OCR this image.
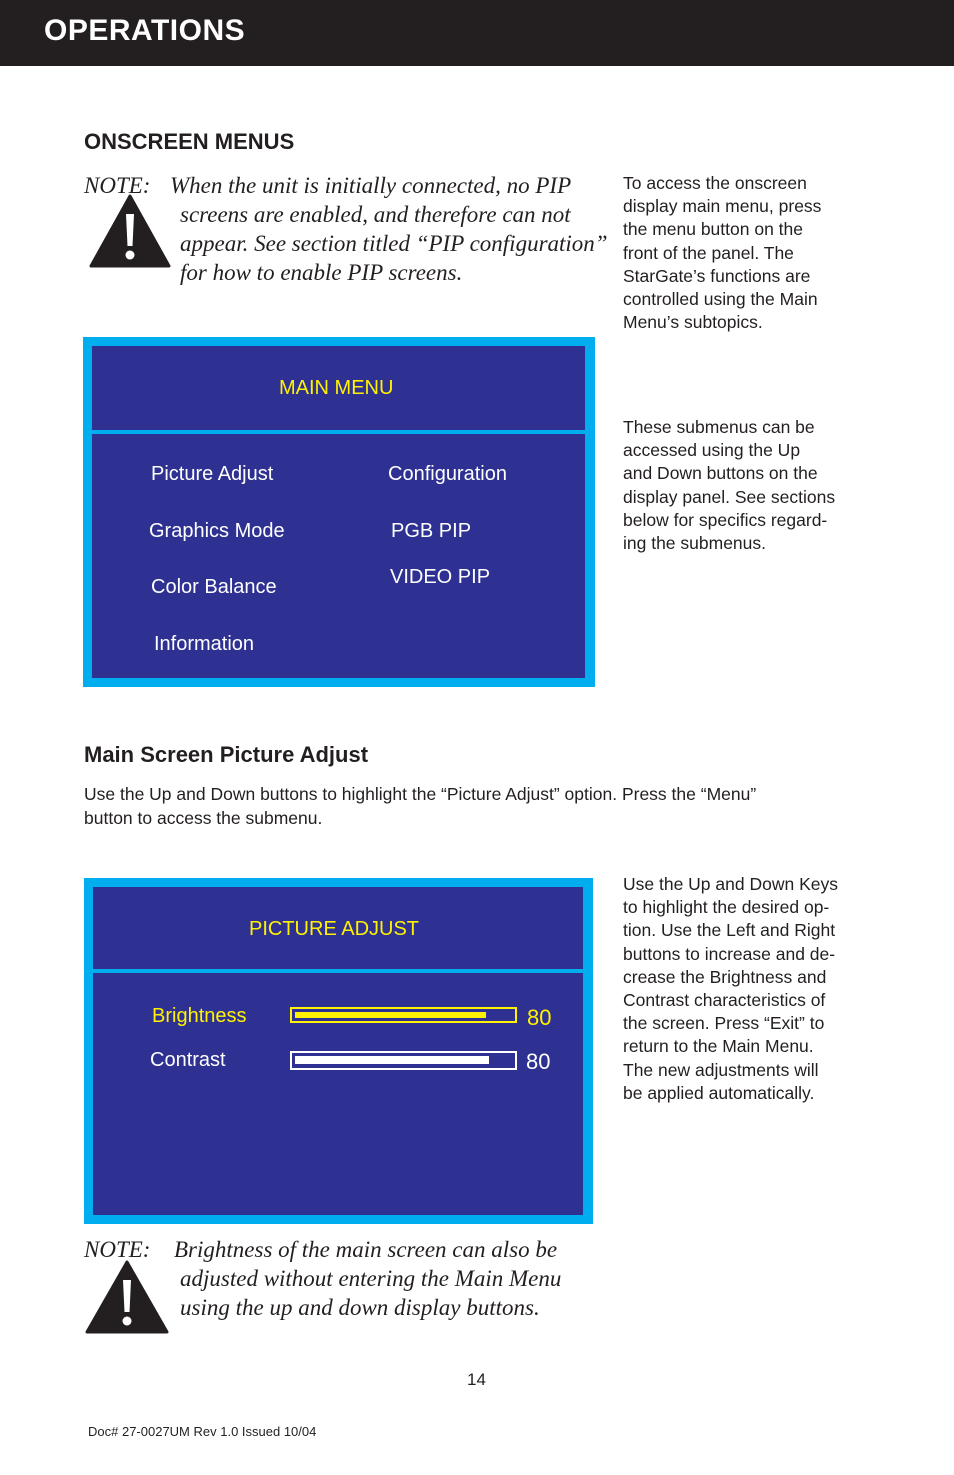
OPERATIONS
ONSCREEN MENUS
NOTE: When the unit is initially connected, no PIP
screens are enabled, and therefore can not
appear. See section titled “PIP configuration”
for how to enable PIP screens.
To access the onscreen
display main menu, press
the menu button on the
front of the panel. The
StarGate’s functions are
controlled using the Main
Menu’s subtopics.
MAIN MENU
Picture Adjust
Graphics Mode
Color Balance
Information
Configuration
PGB PIP
VIDEO PIP
These submenus can be
accessed using the Up
and Down buttons on the
display panel. See sections
below for specifics regard-
ing the submenus.
Main Screen Picture Adjust
Use the Up and Down buttons to highlight the “Picture Adjust” option. Press the “Menu”
button to access the submenu.
PICTURE ADJUST
Brightness	80
Contrast	80
Use the Up and Down Keys
to highlight the desired op-
tion. Use the Left and Right
buttons to increase and de-
crease the Brightness and
Contrast characteristics of
the screen. Press “Exit” to
return to the Main Menu.
The new adjustments will
be applied automatically.
NOTE: Brightness of the main screen can also be
adjusted without entering the Main Menu
using the up and down display buttons.
14
Doc# 27-0027UM Rev 1.0 Issued 10/04
